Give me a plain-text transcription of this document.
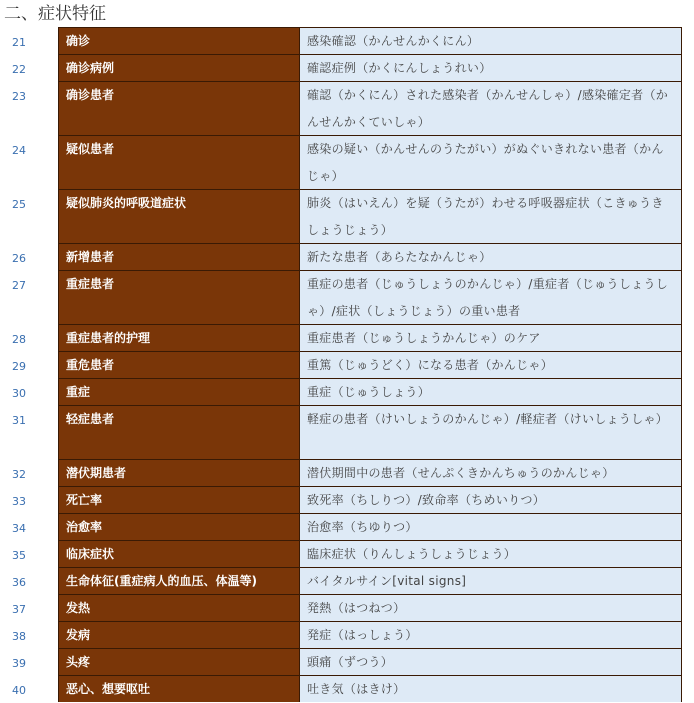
二、症状特征
21	确诊	感染確認（かんせんかくにん）
22	确诊病例	確認症例（かくにんしょうれい）
23	确诊患者	確認（かくにん）された感染者（かんせんしゃ）/感染確定者（かんせんかくていしゃ）
24	疑似患者	感染の疑い（かんせんのうたがい）がぬぐいきれない患者（かんじゃ）
25	疑似肺炎的呼吸道症状	肺炎（はいえん）を疑（うたが）わせる呼吸器症状（こきゅうきしょうじょう）
26	新增患者	新たな患者（あらたなかんじゃ）
27	重症患者	重症の患者（じゅうしょうのかんじゃ）/重症者（じゅうしょうしゃ）/症状（しょうじょう）の重い患者
28	重症患者的护理	重症患者（じゅうしょうかんじゃ）のケア
29	重危患者	重篤（じゅうどく）になる患者（かんじゃ）
30	重症	重症（じゅうしょう）
31	轻症患者	軽症の患者（けいしょうのかんじゃ）/軽症者（けいしょうしゃ）
32	潜伏期患者	潜伏期間中の患者（せんぷくきかんちゅうのかんじゃ）
33	死亡率	致死率（ちしりつ）/致命率（ちめいりつ）
34	治愈率	治愈率（ちゆりつ）
35	临床症状	臨床症状（りんしょうしょうじょう）
36	生命体征(重症病人的血压、体温等)	バイタルサイン[vital signs]
37	发热	発熱（はつねつ）
38	发病	発症（はっしょう）
39	头疼	頭痛（ずつう）
40	恶心、想要呕吐	吐き気（はきけ）
